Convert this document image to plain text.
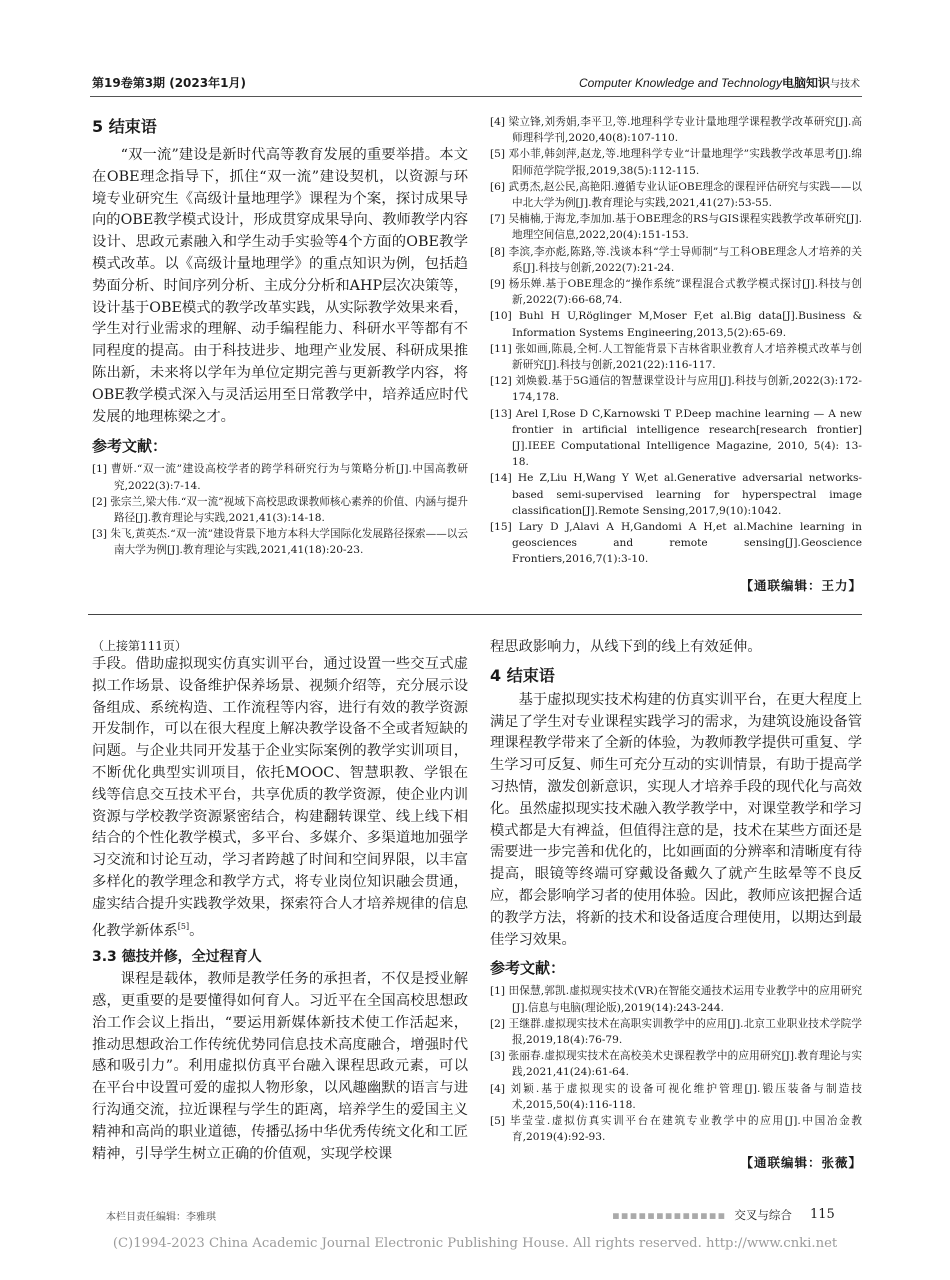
第19卷第3期 (2023年1月)	Computer Knowledge and Technology电脑知识与技术
5 结束语

“双一流”建设是新时代高等教育发展的重要举措。本文在OBE理念指导下，抓住“双一流”建设契机，以资源与环境专业研究生《高级计量地理学》课程为个案，探讨成果导向的OBE教学模式设计，形成贯穿成果导向、教师教学内容设计、思政元素融入和学生动手实验等4个方面的OBE教学模式改革。以《高级计量地理学》的重点知识为例，包括趋势面分析、时间序列分析、主成分分析和AHP层次决策等，设计基于OBE模式的教学改革实践，从实际教学效果来看，学生对行业需求的理解、动手编程能力、科研水平等都有不同程度的提高。由于科技进步、地理产业发展、科研成果推陈出新，未来将以学年为单位定期完善与更新教学内容，将OBE教学模式深入与灵活运用至日常教学中，培养适应时代发展的地理栋梁之才。

参考文献：
[1] 曹妍.“双一流”建设高校学者的跨学科研究行为与策略分析[J].中国高教研究,2022(3):7-14.
[2] 张宗兰,梁大伟.“双一流”视域下高校思政课教师核心素养的价值、内涵与提升路径[J].教育理论与实践,2021,41(3):14-18.
[3] 朱飞,黄英杰.“双一流”建设背景下地方本科大学国际化发展路径探索——以云南大学为例[J].教育理论与实践,2021,41(18):20-23.
[4] 梁立锋,刘秀娟,李平卫,等.地理科学专业计量地理学课程教学改革研究[J].高师理科学刊,2020,40(8):107-110.
[5] 邓小菲,韩剑萍,赵龙,等.地理科学专业“计量地理学”实践教学改革思考[J].绵阳师范学院学报,2019,38(5):112-115.
[6] 武勇杰,赵公民,高艳阳.遵循专业认证OBE理念的课程评估研究与实践——以中北大学为例[J].教育理论与实践,2021,41(27):53-55.
[7] 吴楠楠,于海龙,李加加.基于OBE理念的RS与GIS课程实践教学改革研究[J].地理空间信息,2022,20(4):151-153.
[8] 李滨,李亦彪,陈路,等.浅谈本科“学士导师制”与工科OBE理念人才培养的关系[J].科技与创新,2022(7):21-24.
[9] 杨乐婵.基于OBE理念的“操作系统”课程混合式教学模式探讨[J].科技与创新,2022(7):66-68,74.
[10] Buhl H U,Röglinger M,Moser F,et al.Big data[J].Business & Information Systems Engineering,2013,5(2):65-69.
[11] 张如画,陈晨,仝柯.人工智能背景下吉林省职业教育人才培养模式改革与创新研究[J].科技与创新,2021(22):116-117.
[12] 刘焕毅.基于5G通信的智慧课堂设计与应用[J].科技与创新,2022(3):172-174,178.
[13] Arel I,Rose D C,Karnowski T P.Deep machine learning — A new frontier in artificial intelligence research[research frontier][J].IEEE Computational Intelligence Magazine, 2010, 5(4): 13-18.
[14] He Z,Liu H,Wang Y W,et al.Generative adversarial networks-based semi-supervised learning for hyperspectral image classification[J].Remote Sensing,2017,9(10):1042.
[15] Lary D J,Alavi A H,Gandomi A H,et al.Machine learning in geosciences and remote sensing[J].Geoscience Frontiers,2016,7(1):3-10.
【通联编辑：王力】

（上接第111页）

手段。借助虚拟现实仿真实训平台，通过设置一些交互式虚拟工作场景、设备维护保养场景、视频介绍等，充分展示设备组成、系统构造、工作流程等内容，进行有效的教学资源开发制作，可以在很大程度上解决教学设备不全或者短缺的问题。与企业共同开发基于企业实际案例的教学实训项目，不断优化典型实训项目，依托MOOC、智慧职教、学银在线等信息交互技术平台，共享优质的教学资源，使企业内训资源与学校教学资源紧密结合，构建翻转课堂、线上线下相结合的个性化教学模式，多平台、多媒介、多渠道地加强学习交流和讨论互动，学习者跨越了时间和空间界限，以丰富多样化的教学理念和教学方式，将专业岗位知识融会贯通，虚实结合提升实践教学效果，探索符合人才培养规律的信息化教学新体系[5]。

3.3 德技并修，全过程育人

课程是载体，教师是教学任务的承担者，不仅是授业解惑，更重要的是要懂得如何育人。习近平在全国高校思想政治工作会议上指出，“要运用新媒体新技术使工作活起来，推动思想政治工作传统优势同信息技术高度融合，增强时代感和吸引力”。利用虚拟仿真平台融入课程思政元素，可以在平台中设置可爱的虚拟人物形象，以风趣幽默的语言与进行沟通交流，拉近课程与学生的距离，培养学生的爱国主义精神和高尚的职业道德，传播弘扬中华优秀传统文化和工匠精神，引导学生树立正确的价值观，实现学校课

程思政影响力，从线下到的线上有效延伸。

4 结束语

基于虚拟现实技术构建的仿真实训平台，在更大程度上满足了学生对专业课程实践学习的需求，为建筑设施设备管理课程教学带来了全新的体验，为教师教学提供可重复、学生学习可反复、师生可充分互动的实训情景，有助于提高学习热情，激发创新意识，实现人才培养手段的现代化与高效化。虽然虚拟现实技术融入教学教学中，对课堂教学和学习模式都是大有裨益，但值得注意的是，技术在某些方面还是需要进一步完善和优化的，比如画面的分辨率和清晰度有待提高，眼镜等终端可穿戴设备戴久了就产生眩晕等不良反应，都会影响学习者的使用体验。因此，教师应该把握合适的教学方法，将新的技术和设备适度合理使用，以期达到最佳学习效果。

参考文献：
[1] 田保慧,郭凯.虚拟现实技术(VR)在智能交通技术运用专业教学中的应用研究[J].信息与电脑(理论版),2019(14):243-244.
[2] 王继群.虚拟现实技术在高职实训教学中的应用[J].北京工业职业技术学院学报,2019,18(4):76-79.
[3] 张丽春.虚拟现实技术在高校美术史课程教学中的应用研究[J].教育理论与实践,2021,41(24):61-64.
[4] 刘颖.基于虚拟现实的设备可视化维护管理[J].锻压装备与制造技术,2015,50(4):116-118.
[5] 毕莹莹.虚拟仿真实训平台在建筑专业教学中的应用[J].中国冶金教育,2019(4):92-93.
【通联编辑：张薇】
本栏目责任编辑：李雅琪	▪▪▪▪▪▪▪▪▪▪▪▪▪ 交叉与综合 115
(C)1994-2023 China Academic Journal Electronic Publishing House. All rights reserved. http://www.cnki.net
